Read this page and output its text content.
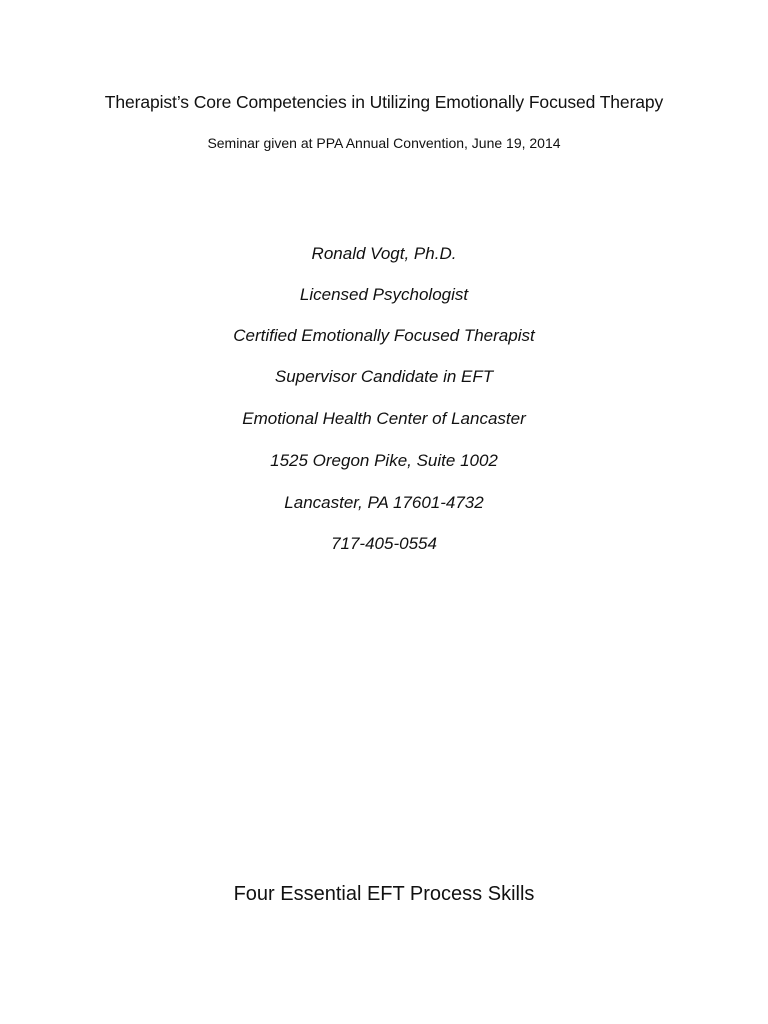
Therapist’s Core Competencies in Utilizing Emotionally Focused Therapy
Seminar given at PPA Annual Convention, June 19, 2014
Ronald Vogt, Ph.D.
Licensed Psychologist
Certified Emotionally Focused Therapist
Supervisor Candidate in EFT
Emotional Health Center of Lancaster
1525 Oregon Pike, Suite 1002
Lancaster, PA 17601-4732
717-405-0554
Four Essential EFT Process Skills
